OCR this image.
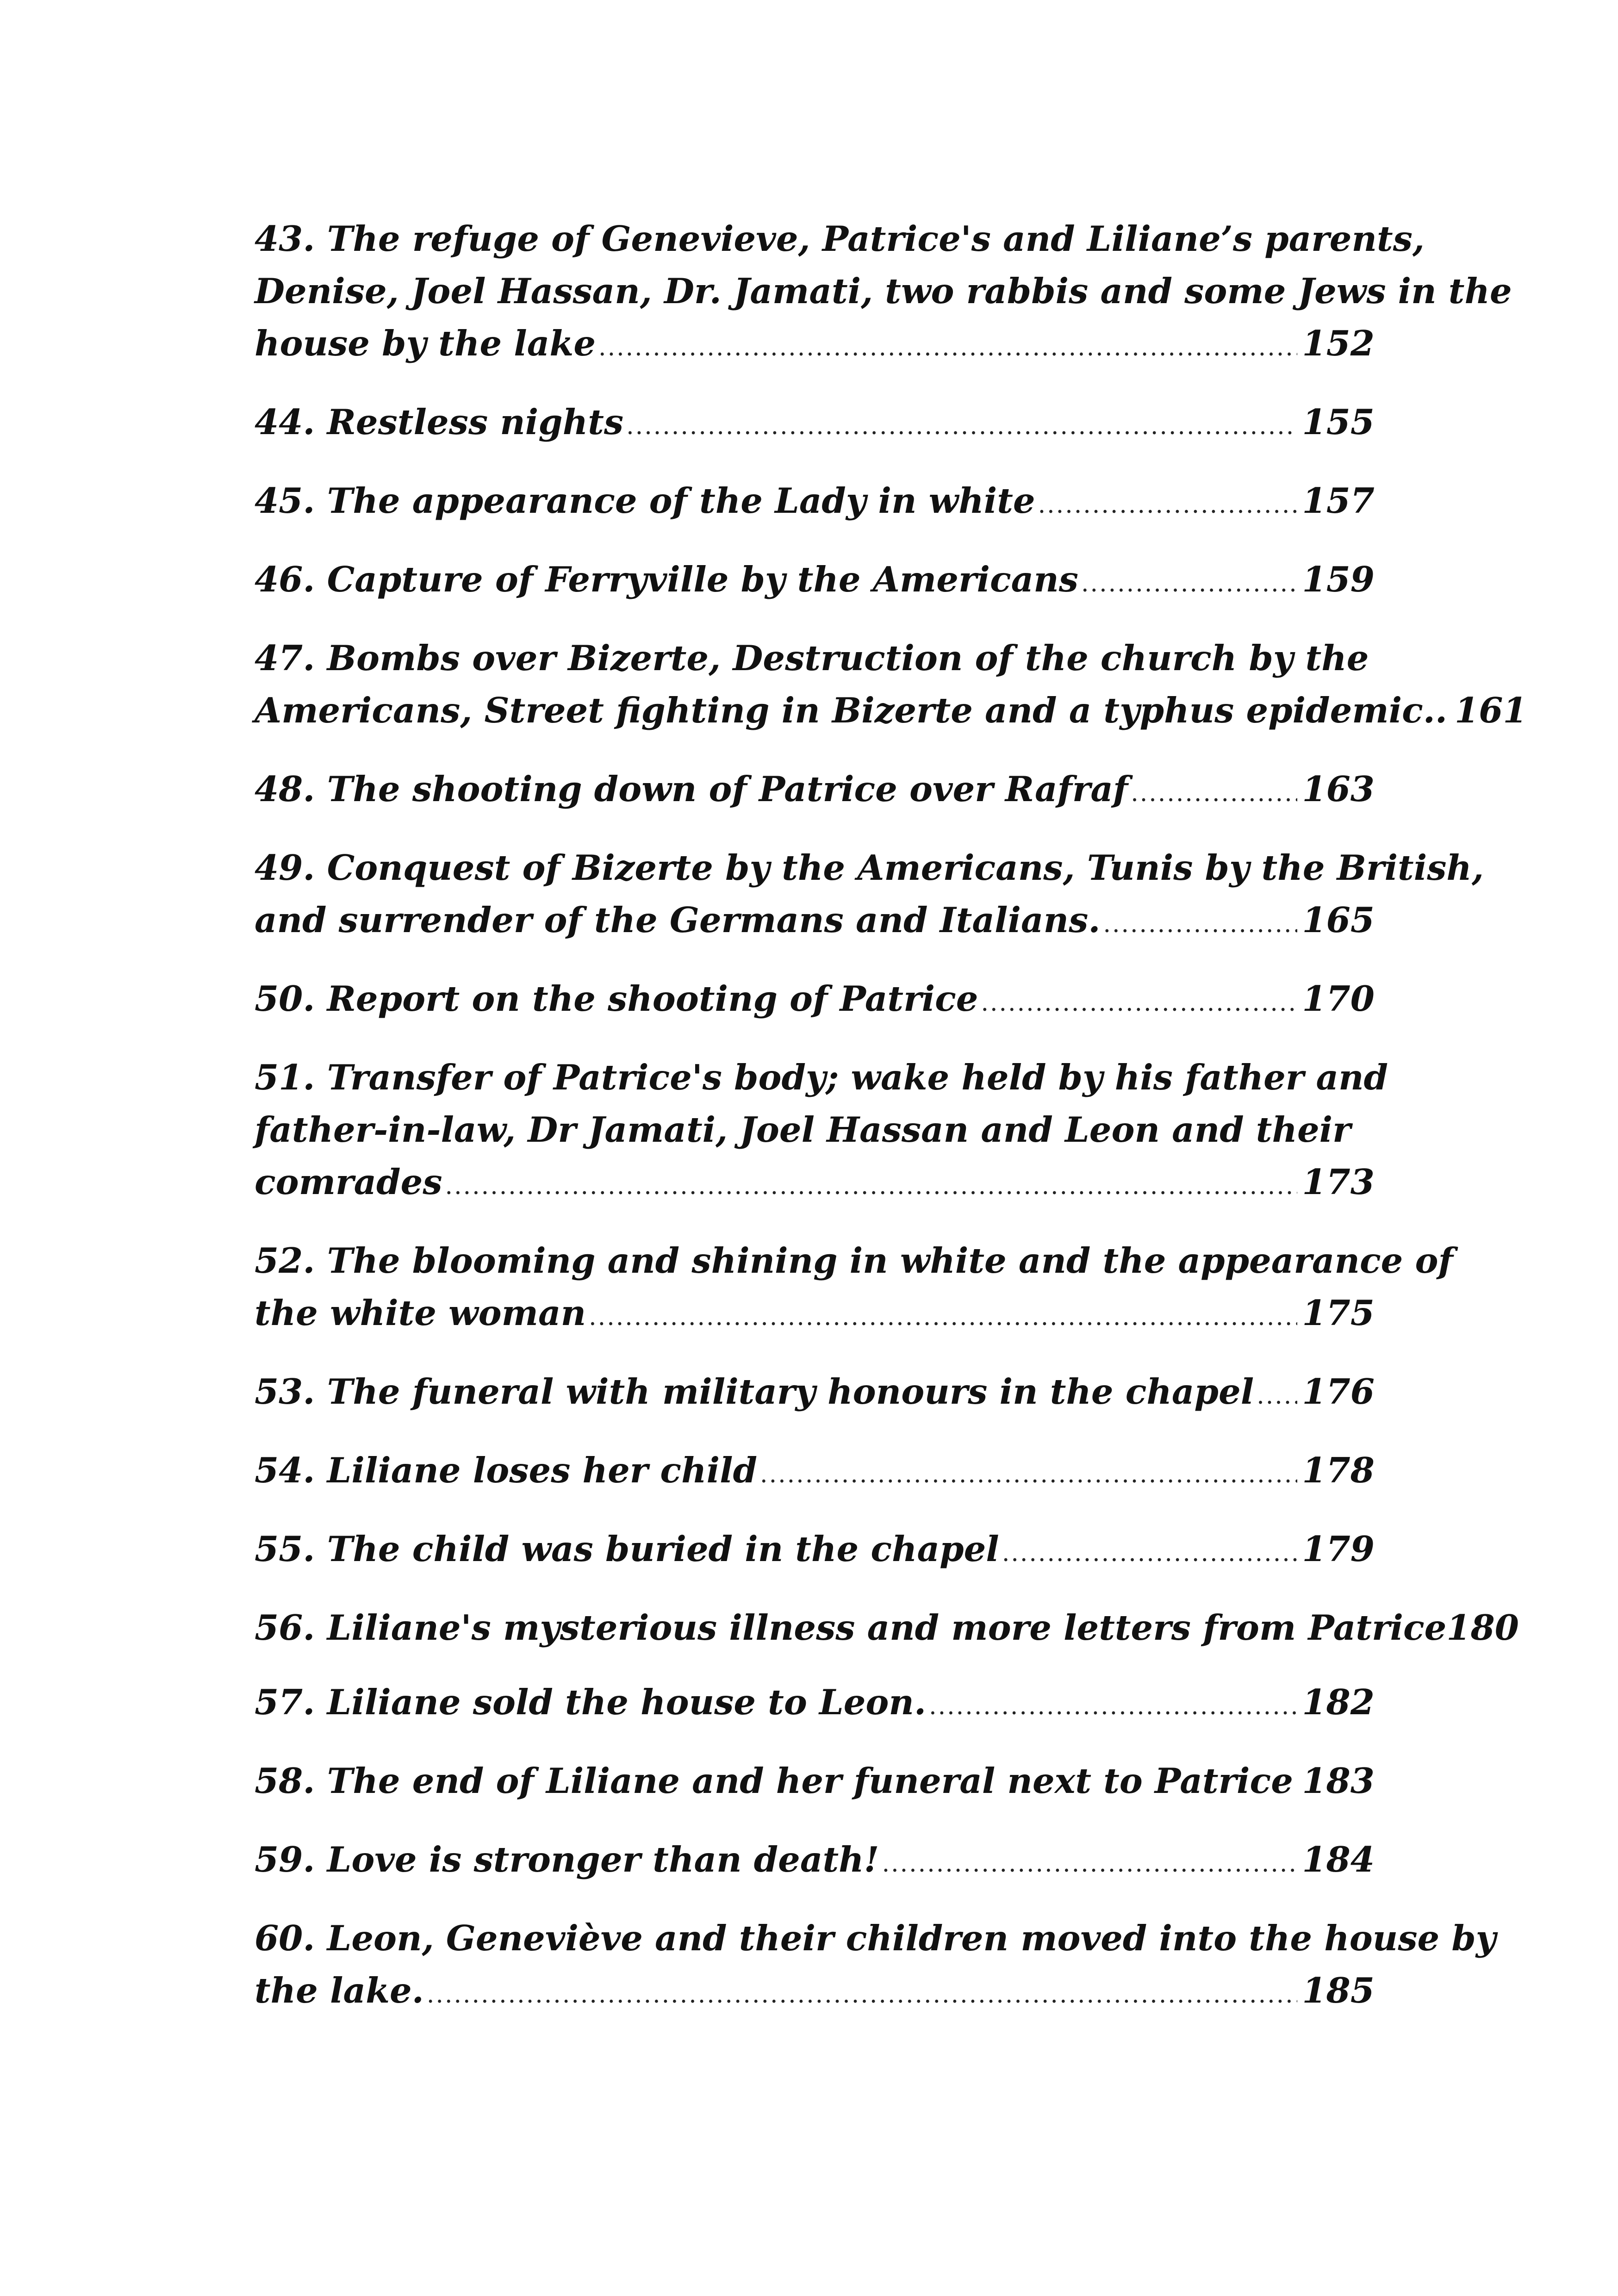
43. The refuge of Genevieve, Patrice's and Liliane’s parents,
Denise, Joel Hassan, Dr. Jamati, two rabbis and some Jews in the
house by the lake .....	152
44. Restless nights .....	155
45. The appearance of the Lady in white .....	157
46. Capture of Ferryville by the Americans .....	159
47. Bombs over Bizerte, Destruction of the church by the
Americans, Street fighting in Bizerte and a typhus epidemic.. 161
48. The shooting down of Patrice over Rafraf .....	163
49. Conquest of Bizerte by the Americans, Tunis by the British,
and surrender of the Germans and Italians. .....	165
50. Report on the shooting of Patrice .....	170
51. Transfer of Patrice's body; wake held by his father and
father-in-law, Dr Jamati, Joel Hassan and Leon and their
comrades .....	173
52. The blooming and shining in white and the appearance of
the white woman .....	175
53. The funeral with military honours in the chapel ..... 176
54. Liliane loses her child .....	178
55. The child was buried in the chapel .....	179
56. Liliane's mysterious illness and more letters from Patrice 180
57. Liliane sold the house to Leon. .....	182
58. The end of Liliane and her funeral next to Patrice ..... 183
59. Love is stronger than death! .....	184
60. Leon, Geneviève and their children moved into the house by
the lake. .....	185
